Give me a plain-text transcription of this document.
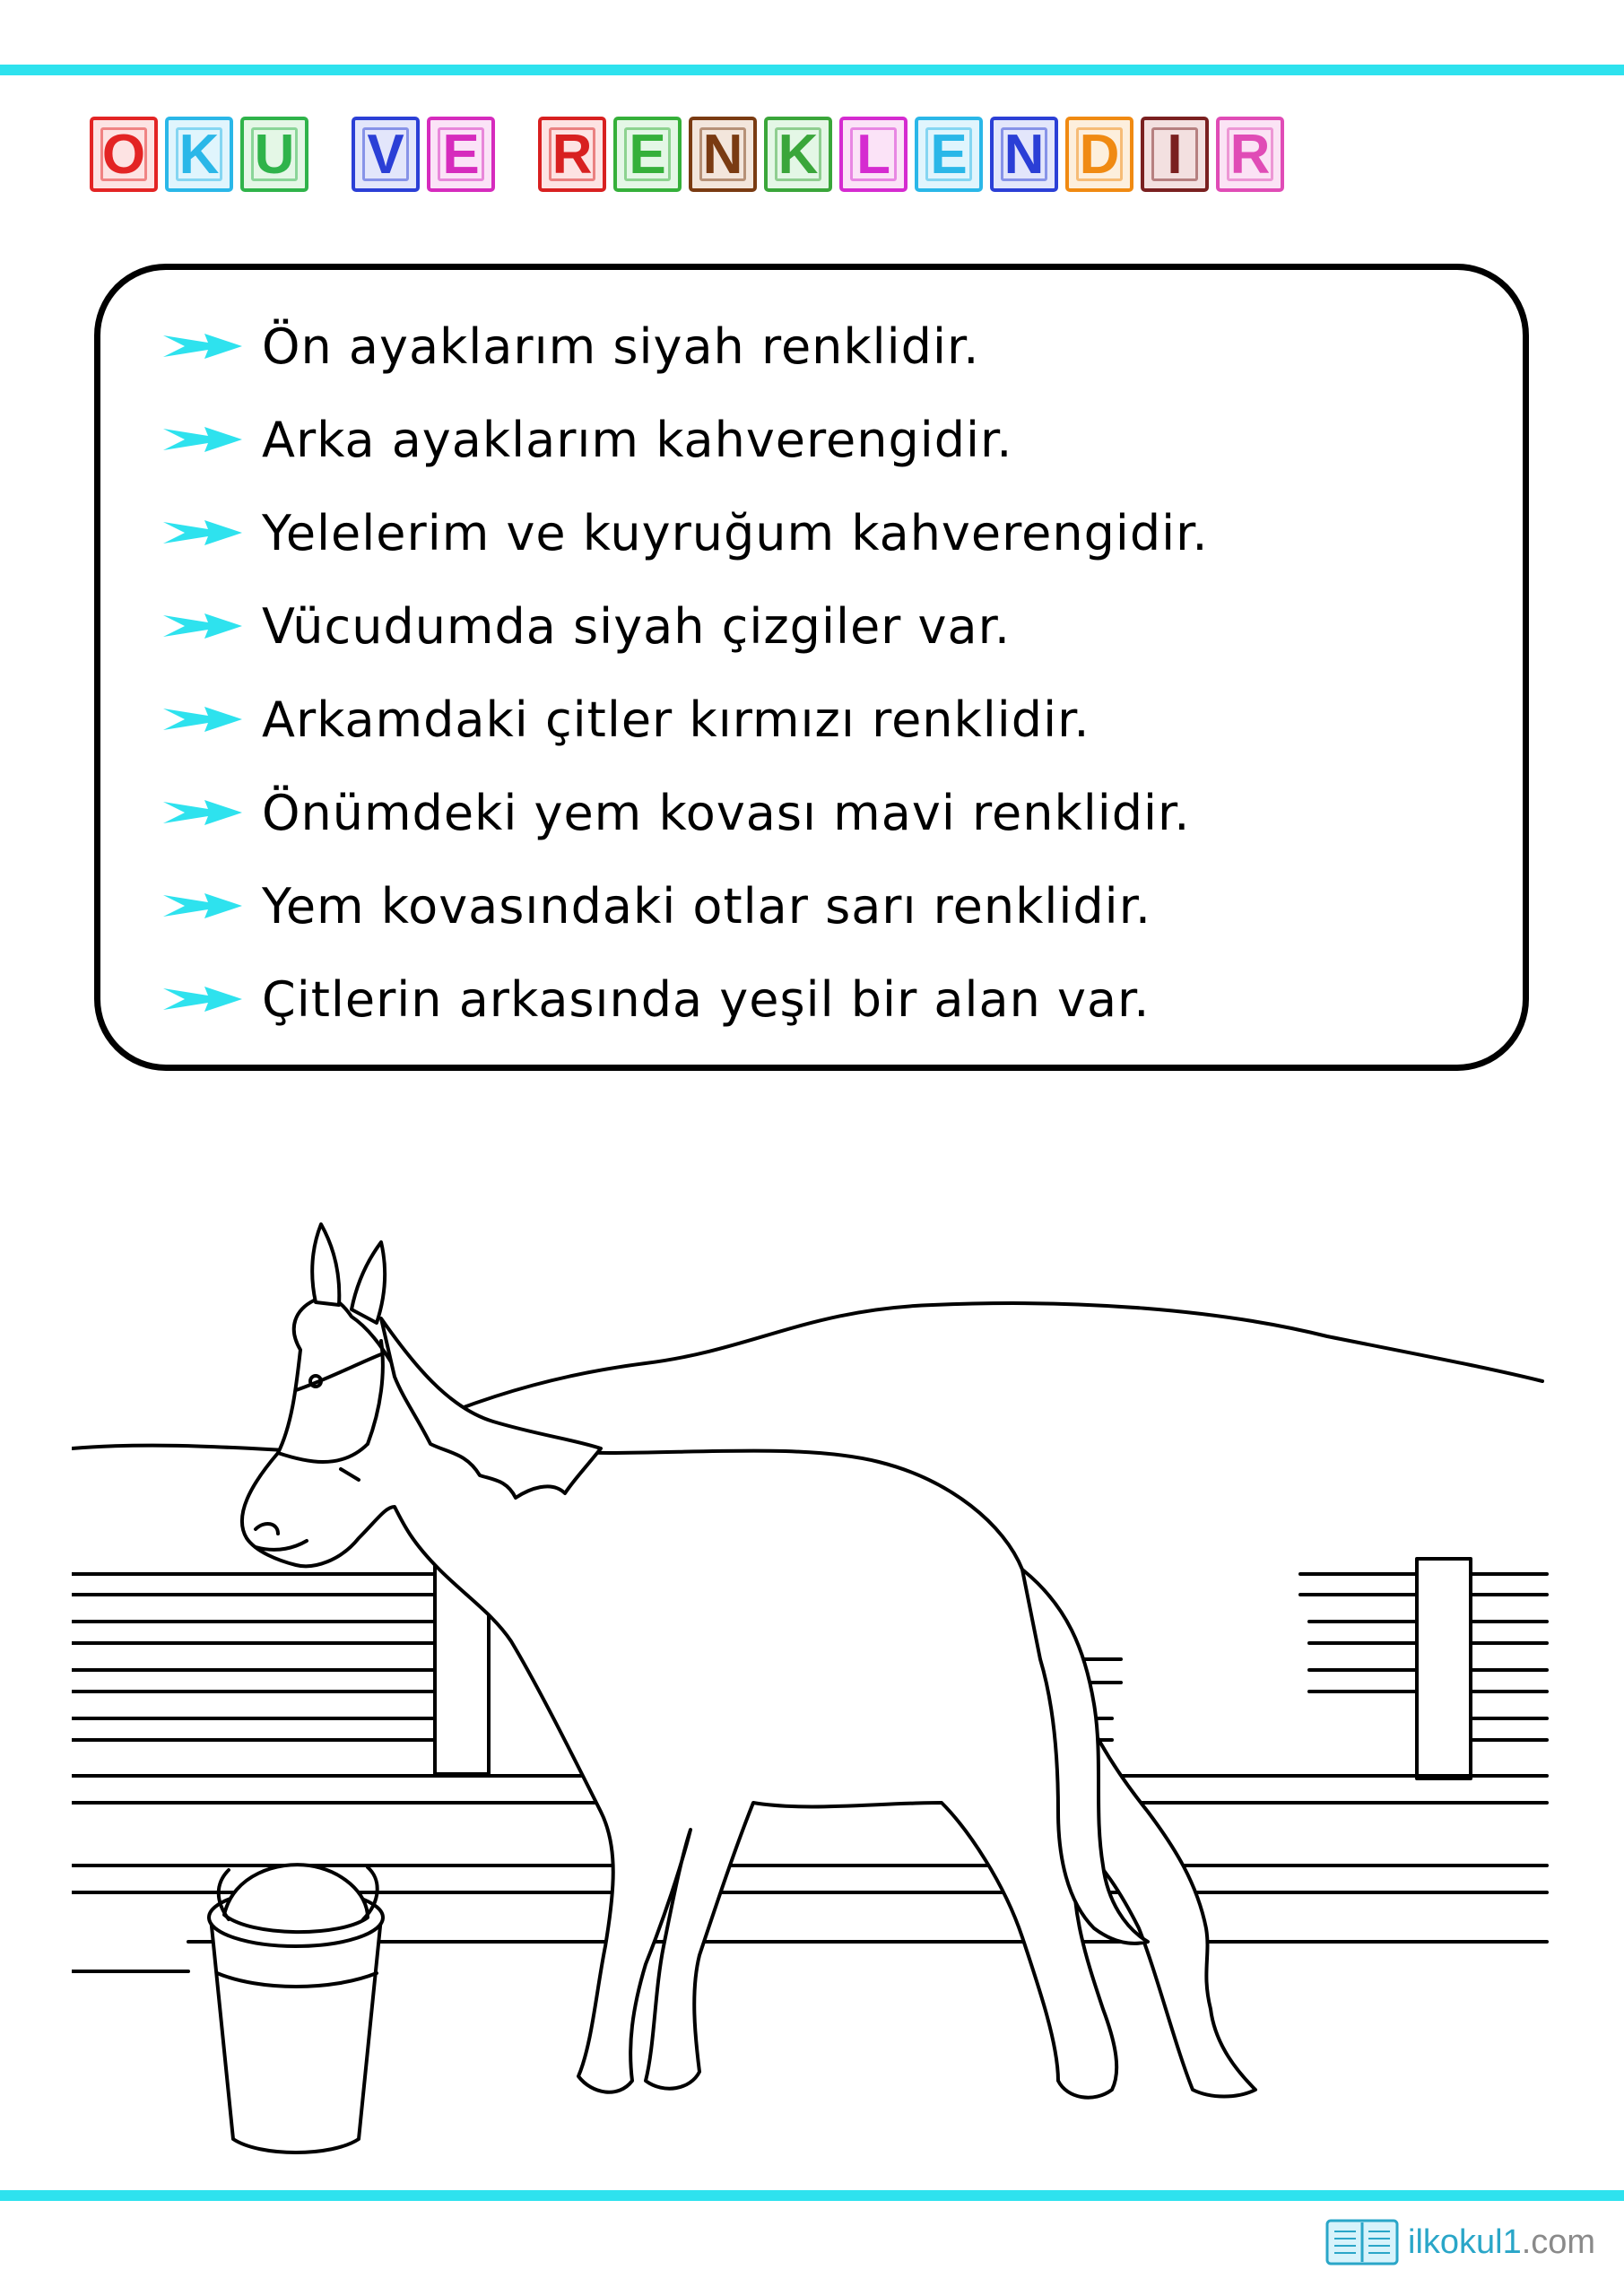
O K U V E R E N K L E N D I R
Ön ayaklarım siyah renklidir.
Arka ayaklarım kahverengidir.
Yelelerim ve kuyruğum kahverengidir.
Vücudumda siyah çizgiler var.
Arkamdaki çitler kırmızı renklidir.
Önümdeki yem kovası mavi renklidir.
Yem kovasındaki otlar sarı renklidir.
Çitlerin arkasında yeşil bir alan var.
ilkokul1.com
